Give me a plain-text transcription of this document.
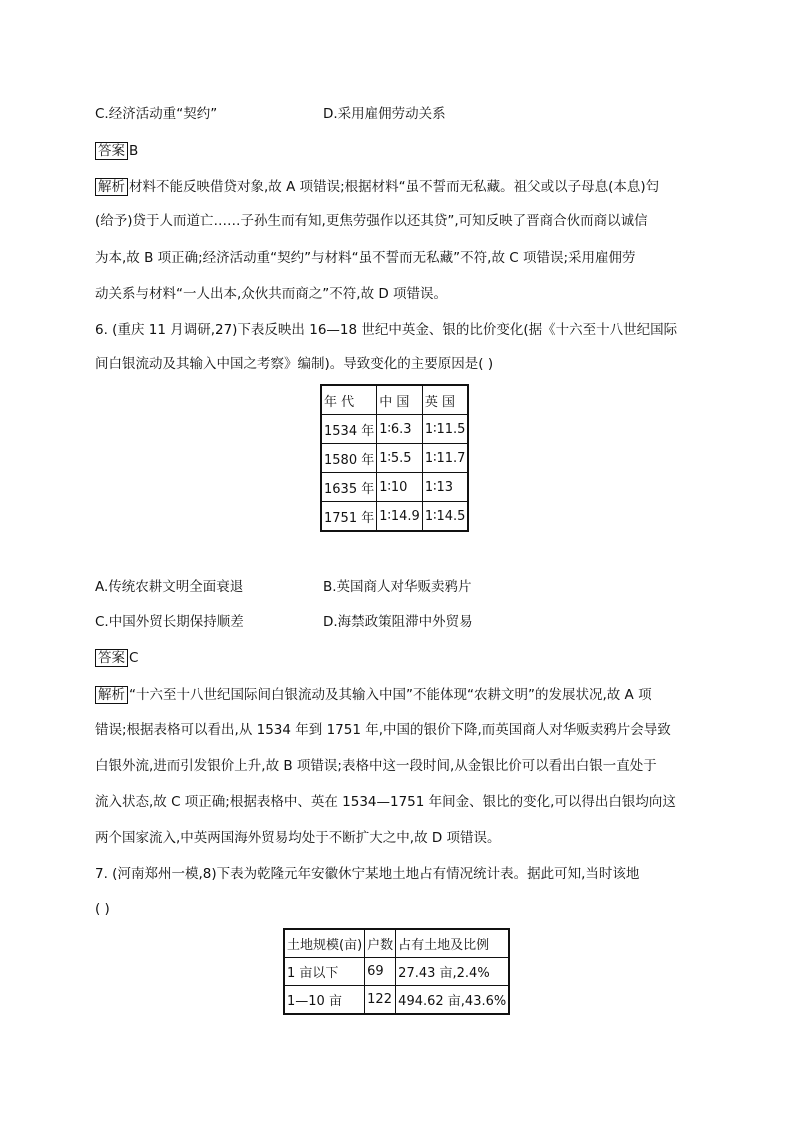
C.经济活动重“契约”	D.采用雇佣劳动关系
答案 B
解析 材料不能反映借贷对象,故 A 项错误;根据材料“虽不誓而无私藏。祖父或以子母息(本息)匄
(给予)贷于人而道亡……子孙生而有知,更焦劳强作以还其贷”,可知反映了晋商合伙而商以诚信
为本,故 B 项正确;经济活动重“契约”与材料“虽不誓而无私藏”不符,故 C 项错误;采用雇佣劳
动关系与材料“一人出本,众伙共而商之”不符,故 D 项错误。
6. (重庆 11 月调研,27)下表反映出 16—18 世纪中英金、银的比价变化(据《十六至十八世纪国际
间白银流动及其输入中国之考察》编制)。导致变化的主要原因是( )
年 代	中 国	英 国
1534 年	1∶6.3	1∶11.5
1580 年	1∶5.5	1∶11.7
1635 年	1∶10	1∶13
1751 年	1∶14.9	1∶14.5
A.传统农耕文明全面衰退	B.英国商人对华贩卖鸦片
C.中国外贸长期保持顺差	D.海禁政策阻滞中外贸易
答案 C
解析 “十六至十八世纪国际间白银流动及其输入中国”不能体现“农耕文明”的发展状况,故 A 项
错误;根据表格可以看出,从 1534 年到 1751 年,中国的银价下降,而英国商人对华贩卖鸦片会导致
白银外流,进而引发银价上升,故 B 项错误;表格中这一段时间,从金银比价可以看出白银一直处于
流入状态,故 C 项正确;根据表格中、英在 1534—1751 年间金、银比的变化,可以得出白银均向这
两个国家流入,中英两国海外贸易均处于不断扩大之中,故 D 项错误。
7. (河南郑州一模,8)下表为乾隆元年安徽休宁某地土地占有情况统计表。据此可知,当时该地
( )
土地规模(亩)	户数	占有土地及比例
1 亩以下	69	27.43 亩,2.4%
1—10 亩	122	494.62 亩,43.6%
